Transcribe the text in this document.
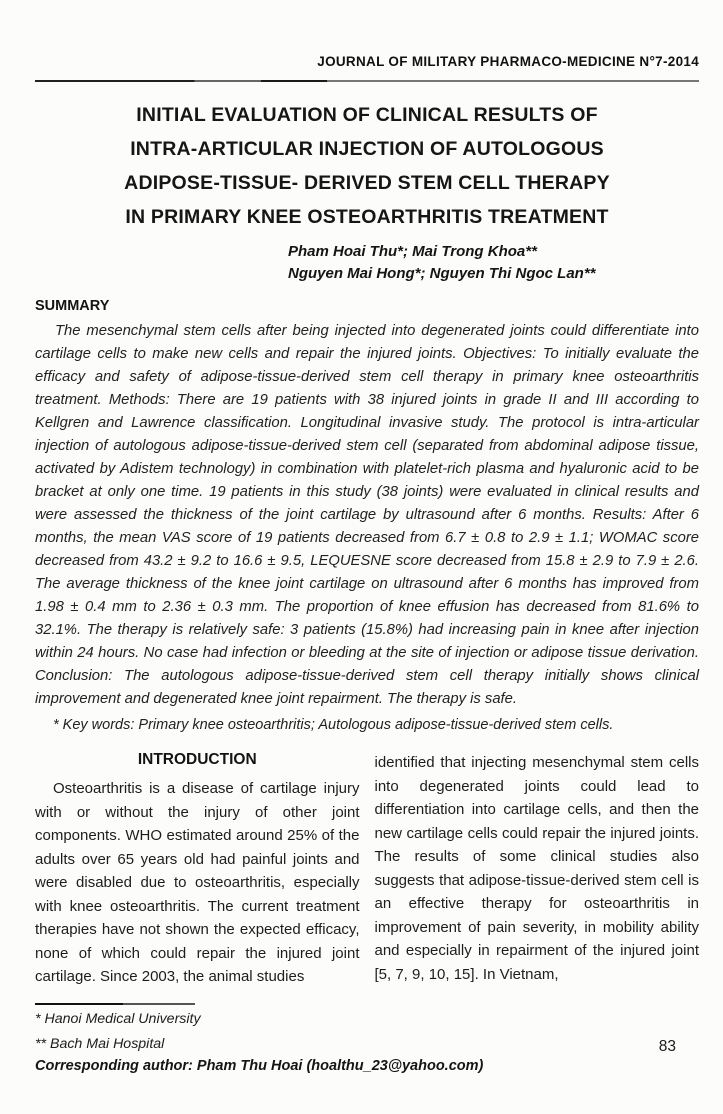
JOURNAL OF MILITARY PHARMACO-MEDICINE N°7-2014
INITIAL EVALUATION OF CLINICAL RESULTS OF
INTRA-ARTICULAR INJECTION OF AUTOLOGOUS
ADIPOSE-TISSUE- DERIVED STEM CELL THERAPY
IN PRIMARY KNEE OSTEOARTHRITIS TREATMENT
Pham Hoai Thu*; Mai Trong Khoa**
Nguyen Mai Hong*; Nguyen Thi Ngoc Lan**
SUMMARY
The mesenchymal stem cells after being injected into degenerated joints could differentiate into cartilage cells to make new cells and repair the injured joints. Objectives: To initially evaluate the efficacy and safety of adipose-tissue-derived stem cell therapy in primary knee osteoarthritis treatment. Methods: There are 19 patients with 38 injured joints in grade II and III according to Kellgren and Lawrence classification. Longitudinal invasive study. The protocol is intra-articular injection of autologous adipose-tissue-derived stem cell (separated from abdominal adipose tissue, activated by Adistem technology) in combination with platelet-rich plasma and hyaluronic acid to be bracket at only one time. 19 patients in this study (38 joints) were evaluated in clinical results and were assessed the thickness of the joint cartilage by ultrasound after 6 months. Results: After 6 months, the mean VAS score of 19 patients decreased from 6.7 ± 0.8 to 2.9 ± 1.1; WOMAC score decreased from 43.2 ± 9.2 to 16.6 ± 9.5, LEQUESNE score decreased from 15.8 ± 2.9 to 7.9 ± 2.6. The average thickness of the knee joint cartilage on ultrasound after 6 months has improved from 1.98 ± 0.4 mm to 2.36 ± 0.3 mm. The proportion of knee effusion has decreased from 81.6% to 32.1%. The therapy is relatively safe: 3 patients (15.8%) had increasing pain in knee after injection within 24 hours. No case had infection or bleeding at the site of injection or adipose tissue derivation. Conclusion: The autologous adipose-tissue-derived stem cell therapy initially shows clinical improvement and degenerated knee joint repairment. The therapy is safe.
* Key words: Primary knee osteoarthritis; Autologous adipose-tissue-derived stem cells.
INTRODUCTION
Osteoarthritis is a disease of cartilage injury with or without the injury of other joint components. WHO estimated around 25% of the adults over 65 years old had painful joints and were disabled due to osteoarthritis, especially with knee osteoarthritis. The current treatment therapies have not shown the expected efficacy, none of which could repair the injured joint cartilage. Since 2003, the animal studies
identified that injecting mesenchymal stem cells into degenerated joints could lead to differentiation into cartilage cells, and then the new cartilage cells could repair the injured joints. The results of some clinical studies also suggests that adipose-tissue-derived stem cell is an effective therapy for osteoarthritis in improvement of pain severity, in mobility ability and especially in repairment of the injured joint [5, 7, 9, 10, 15]. In Vietnam,
* Hanoi Medical University
** Bach Mai Hospital
Corresponding author: Pham Thu Hoai (hoalthu_23@yahoo.com)
83
